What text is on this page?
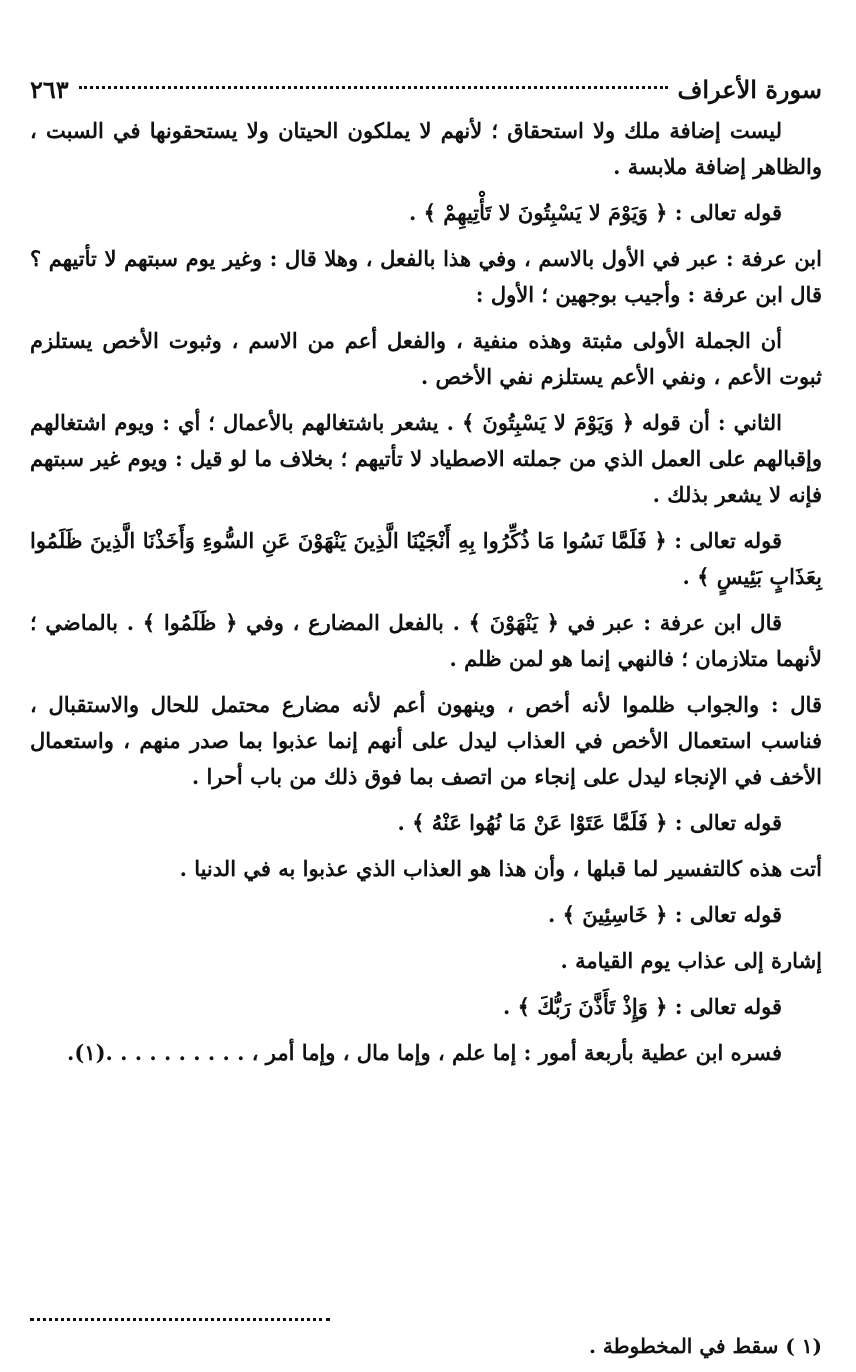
سورة الأعراف
٢٦٣

ليست إضافة ملك ولا استحقاق ؛ لأنهم لا يملكون الحيتان ولا يستحقونها في السبت ، والظاهر إضافة ملابسة .

قوله تعالى : ﴿ وَيَوْمَ لا يَسْبِتُونَ لا تَأْتِيهِمْ ﴾ .

ابن عرفة : عبر في الأول بالاسم ، وفي هذا بالفعل ، وهلا قال : وغير يوم سبتهم لا تأتيهم ؟ قال ابن عرفة : وأجيب بوجهين ؛ الأول :

أن الجملة الأولى مثبتة وهذه منفية ، والفعل أعم من الاسم ، وثبوت الأخص يستلزم ثبوت الأعم ، ونفي الأعم يستلزم نفي الأخص .

الثاني : أن قوله ﴿ وَيَوْمَ لا يَسْبِتُونَ ﴾ . يشعر باشتغالهم بالأعمال ؛ أي : ويوم اشتغالهم وإقبالهم على العمل الذي من جملته الاصطياد لا تأتيهم ؛ بخلاف ما لو قيل : ويوم غير سبتهم فإنه لا يشعر بذلك .

قوله تعالى : ﴿ فَلَمَّا نَسُوا مَا ذُكِّرُوا بِهِ أَنْجَيْنَا الَّذِينَ يَنْهَوْنَ عَنِ السُّوءِ وَأَخَذْنَا الَّذِينَ ظَلَمُوا بِعَذَابٍ بَئِيسٍ ﴾ .

قال ابن عرفة : عبر في ﴿ يَنْهَوْنَ ﴾ . بالفعل المضارع ، وفي ﴿ ظَلَمُوا ﴾ . بالماضي ؛ لأنهما متلازمان ؛ فالنهي إنما هو لمن ظلم .

قال : والجواب ظلموا لأنه أخص ، وينهون أعم لأنه مضارع محتمل للحال والاستقبال ، فناسب استعمال الأخص في العذاب ليدل على أنهم إنما عذبوا بما صدر منهم ، واستعمال الأخف في الإنجاء ليدل على إنجاء من اتصف بما فوق ذلك من باب أحرا .

قوله تعالى : ﴿ فَلَمَّا عَتَوْا عَنْ مَا نُهُوا عَنْهُ ﴾ .

أتت هذه كالتفسير لما قبلها ، وأن هذا هو العذاب الذي عذبوا به في الدنيا .

قوله تعالى : ﴿ خَاسِئِينَ ﴾ .

إشارة إلى عذاب يوم القيامة .

قوله تعالى : ﴿ وَإِذْ تَأَذَّنَ رَبُّكَ ﴾ .

فسره ابن عطية بأربعة أمور : إما علم ، وإما مال ، وإما أمر ، . . . . . . . . . .(١).

(١ ) سقط في المخطوطة .
